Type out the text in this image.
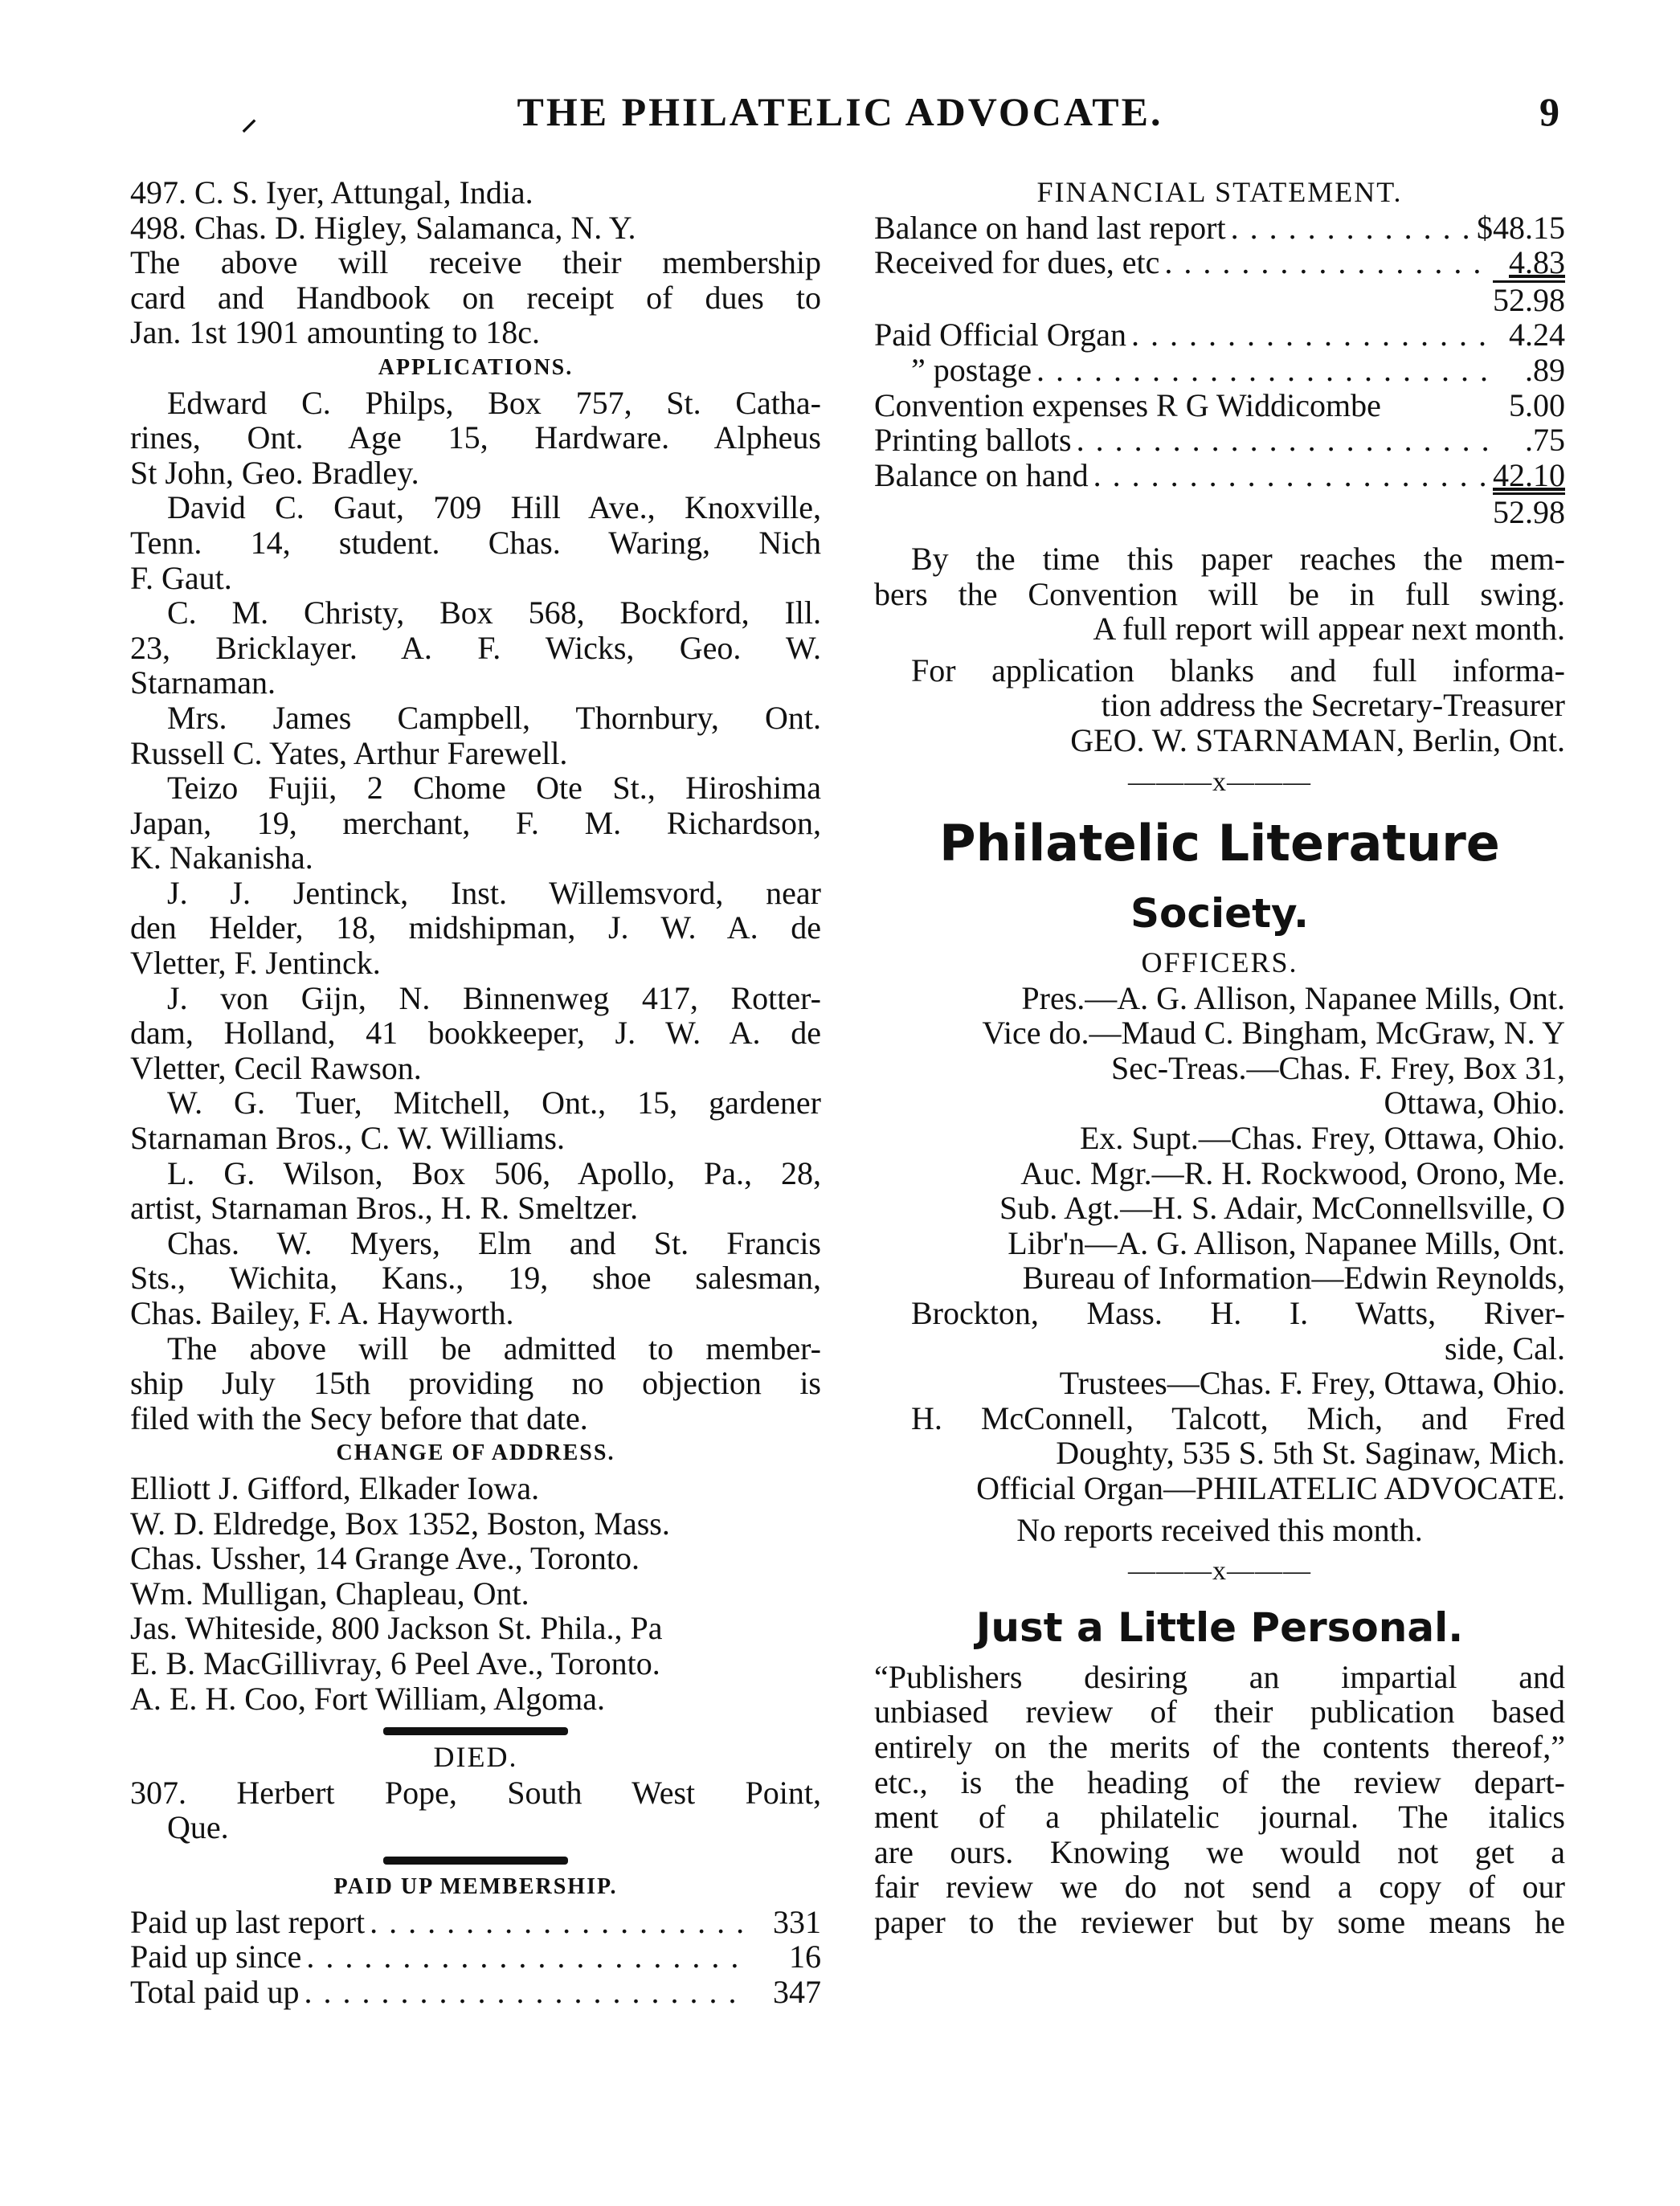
⸝	THE PHILATELIC ADVOCATE.	9
497. C. S. Iyer, Attungal, India.
498. Chas. D. Higley, Salamanca, N. Y.
The above will receive their membership
card and Handbook on receipt of dues to
Jan. 1st 1901 amounting to 18c.
APPLICATIONS.
Edward C. Philps, Box 757, St. Catha-
rines, Ont. Age 15, Hardware. Alpheus
St John, Geo. Bradley.
David C. Gaut, 709 Hill Ave., Knoxville,
Tenn. 14, student. Chas. Waring, Nich
F. Gaut.
C. M. Christy, Box 568, Bockford, Ill.
23, Bricklayer. A. F. Wicks, Geo. W.
Starnaman.
Mrs. James Campbell, Thornbury, Ont.
Russell C. Yates, Arthur Farewell.
Teizo Fujii, 2 Chome Ote St., Hiroshima
Japan, 19, merchant, F. M. Richardson,
K. Nakanisha.
J. J. Jentinck, Inst. Willemsvord, near
den Helder, 18, midshipman, J. W. A. de
Vletter, F. Jentinck.
J. von Gijn, N. Binnenweg 417, Rotter-
dam, Holland, 41 bookkeeper, J. W. A. de
Vletter, Cecil Rawson.
W. G. Tuer, Mitchell, Ont., 15, gardener
Starnaman Bros., C. W. Williams.
L. G. Wilson, Box 506, Apollo, Pa., 28,
artist, Starnaman Bros., H. R. Smeltzer.
Chas. W. Myers, Elm and St. Francis
Sts., Wichita, Kans., 19, shoe salesman,
Chas. Bailey, F. A. Hayworth.
The above will be admitted to member-
ship July 15th providing no objection is
filed with the Secy before that date.
CHANGE OF ADDRESS.
Elliott J. Gifford, Elkader Iowa.
W. D. Eldredge, Box 1352, Boston, Mass.
Chas. Ussher, 14 Grange Ave., Toronto.
Wm. Mulligan, Chapleau, Ont.
Jas. Whiteside, 800 Jackson St. Phila., Pa
E. B. MacGillivray, 6 Peel Ave., Toronto.
A. E. H. Coo, Fort William, Algoma.
DIED.
307. Herbert Pope, South West Point,
Que.
PAID UP MEMBERSHIP.
Paid up last report . . .	331
Paid up since . . .	16
Total paid up . . .	347
FINANCIAL STATEMENT.
Balance on hand last report . . .	$48.15
Received for dues, etc . . .	4.83
52.98
Paid Official Organ . . .	4.24
” postage . . .	.89
Convention expenses R G Widdicombe	5.00
Printing ballots . . .	.75
Balance on hand . . .	42.10
52.98
By the time this paper reaches the mem-
bers the Convention will be in full swing.
A full report will appear next month.
For application blanks and full informa-
tion address the Secretary-Treasurer
GEO. W. STARNAMAN, Berlin, Ont.
———x———
Philatelic Literature
Society.
OFFICERS.
Pres.—A. G. Allison, Napanee Mills, Ont.
Vice do.—Maud C. Bingham, McGraw, N. Y
Sec-Treas.—Chas. F. Frey, Box 31,
Ottawa, Ohio.
Ex. Supt.—Chas. Frey, Ottawa, Ohio.
Auc. Mgr.—R. H. Rockwood, Orono, Me.
Sub. Agt.—H. S. Adair, McConnellsville, O
Libr'n—A. G. Allison, Napanee Mills, Ont.
Bureau of Information—Edwin Reynolds,
Brockton, Mass. H. I. Watts, River-
side, Cal.
Trustees—Chas. F. Frey, Ottawa, Ohio.
H. McConnell, Talcott, Mich, and Fred
Doughty, 535 S. 5th St. Saginaw, Mich.
Official Organ—PHILATELIC ADVOCATE.
No reports received this month.
———x———
Just a Little Personal.
“Publishers desiring an impartial and
unbiased review of their publication based
entirely on the merits of the contents thereof,”
etc., is the heading of the review depart-
ment of a philatelic journal. The italics
are ours. Knowing we would not get a
fair review we do not send a copy of our
paper to the reviewer but by some means he
